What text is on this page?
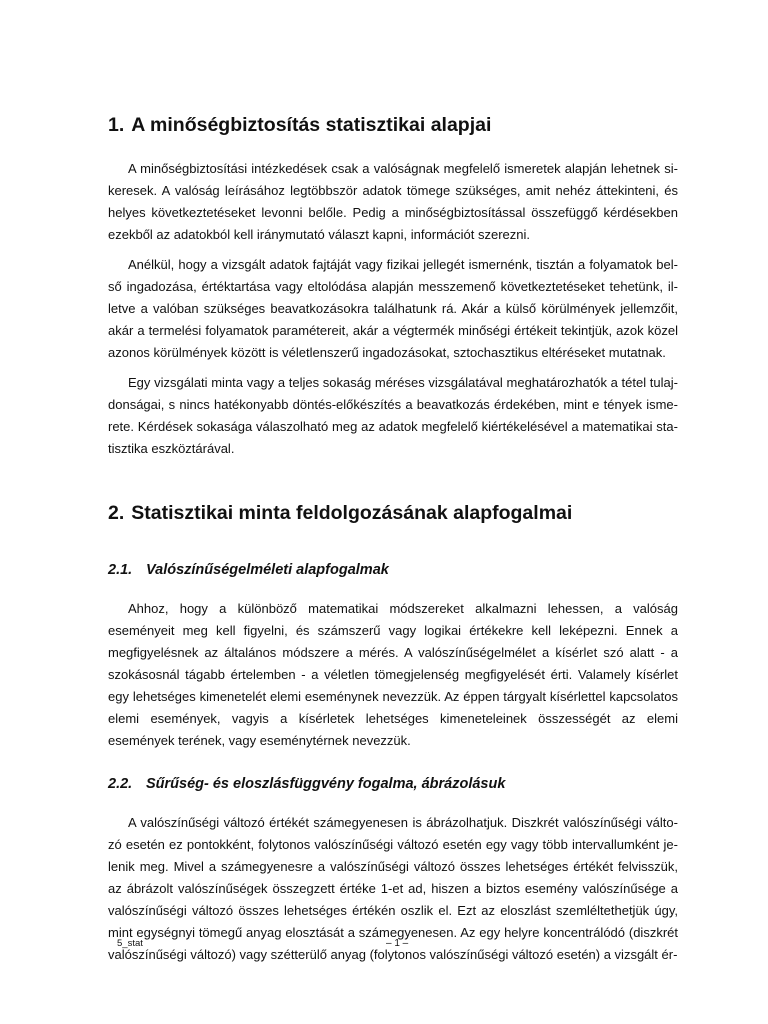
1. A minőségbiztosítás statisztikai alapjai

A minőségbiztosítási intézkedések csak a valóságnak megfelelő ismeretek alapján lehetnek sikeresek. A valóság leírásához legtöbbször adatok tömege szükséges, amit nehéz áttekinteni, és helyes következtetéseket levonni belőle. Pedig a minőségbiztosítással összefüggő kérdésekben ezekből az adatokból kell iránymutató választ kapni, információt szerezni.

Anélkül, hogy a vizsgált adatok fajtáját vagy fizikai jellegét ismernénk, tisztán a folyamatok belső ingadozása, értéktartása vagy eltolódása alapján messzemenő következtetéseket tehetünk, illetve a valóban szükséges beavatkozásokra találhatunk rá. Akár a külső körülmények jellemzőit, akár a termelési folyamatok paramétereit, akár a végtermék minőségi értékeit tekintjük, azok közel azonos körülmények között is véletlenszerű ingadozásokat, sztochasztikus eltéréseket mutatnak.

Egy vizsgálati minta vagy a teljes sokaság méréses vizsgálatával meghatározhatók a tétel tulajdonságai, s nincs hatékonyabb döntés-előkészítés a beavatkozás érdekében, mint e tények ismerete. Kérdések sokasága válaszolható meg az adatok megfelelő kiértékelésével a matematikai statisztika eszköztárával.

2. Statisztikai minta feldolgozásának alapfogalmai
2.1. Valószínűségelméleti alapfogalmak

Ahhoz, hogy a különböző matematikai módszereket alkalmazni lehessen, a valóság eseményeit meg kell figyelni, és számszerű vagy logikai értékekre kell leképezni. Ennek a megfigyelésnek az általános módszere a mérés. A valószínűségelmélet a kísérlet szó alatt - a szokásosnál tágabb értelemben - a véletlen tömegjelenség megfigyelését érti. Valamely kísérlet egy lehetséges kimenetelét elemi eseménynek nevezzük. Az éppen tárgyalt kísérlettel kapcsolatos elemi események, vagyis a kísérletek lehetséges kimeneteleinek összességét az elemi események terének, vagy eseménytérnek nevezzük.

2.2. Sűrűség- és eloszlásfüggvény fogalma, ábrázolásuk

A valószínűségi változó értékét számegyenesen is ábrázolhatjuk. Diszkrét valószínűségi változó esetén ez pontokként, folytonos valószínűségi változó esetén egy vagy több intervallumként jelenik meg. Mivel a számegyenesre a valószínűségi változó összes lehetséges értékét felvisszük, az ábrázolt valószínűségek összegzett értéke 1-et ad, hiszen a biztos esemény valószínűsége a valószínűségi változó összes lehetséges értékén oszlik el. Ezt az eloszlást szemléltethetjük úgy, mint egységnyi tömegű anyag elosztását a számegyenesen. Az egy helyre koncentrálódó (diszkrét valószínűségi változó) vagy szétterülő anyag (folytonos valószínűségi változó esetén) a vizsgált ér-

5_stat	– 1 –
